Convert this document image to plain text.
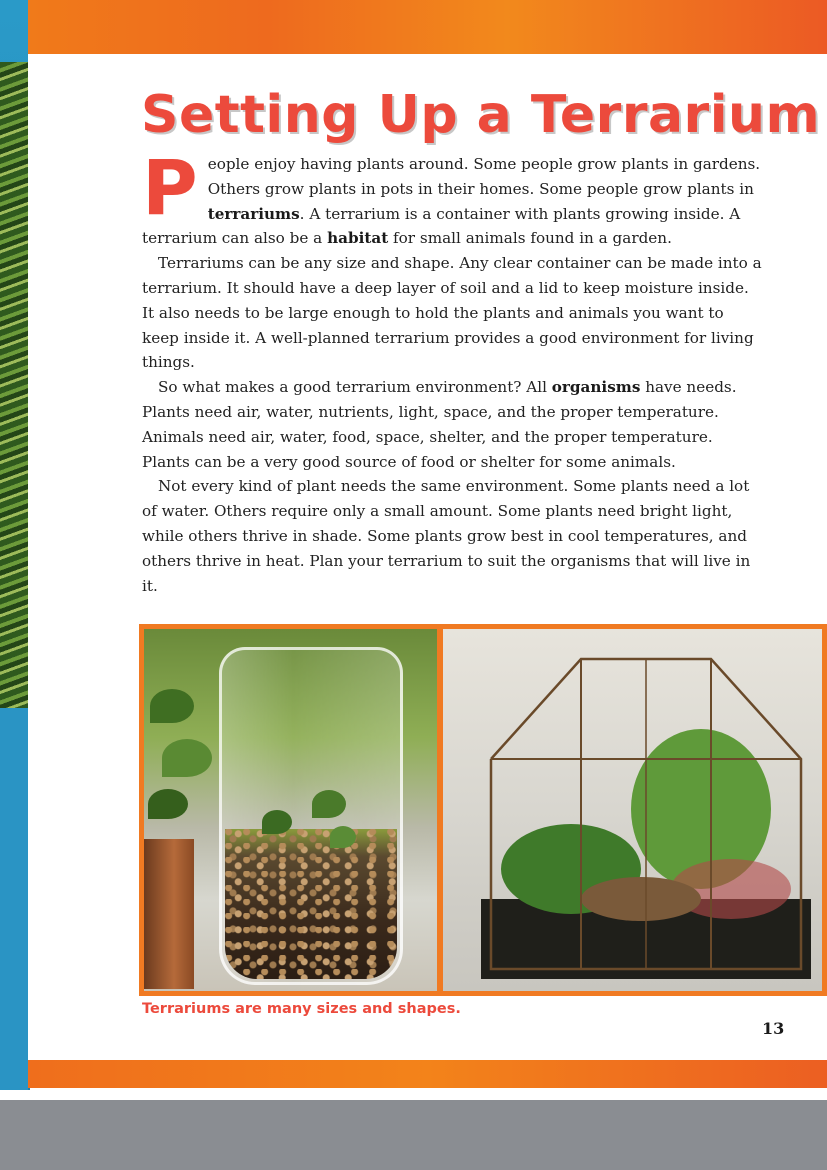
Setting Up a Terrarium

People enjoy having plants around. Some people grow plants in gardens. Others grow plants in pots in their homes. Some people grow plants in terrariums. A terrarium is a container with plants growing inside. A terrarium can also be a habitat for small animals found in a garden.

Terrariums can be any size and shape. Any clear container can be made into a terrarium. It should have a deep layer of soil and a lid to keep moisture inside. It also needs to be large enough to hold the plants and animals you want to keep inside it. A well-planned terrarium provides a good environment for living things.

So what makes a good terrarium environment? All organisms have needs. Plants need air, water, nutrients, light, space, and the proper temperature. Animals need air, water, food, space, shelter, and the proper temperature. Plants can be a very good source of food or shelter for some animals.

Not every kind of plant needs the same environment. Some plants need a lot of water. Others require only a small amount. Some plants need bright light, while others thrive in shade. Some plants grow best in cool temperatures, and others thrive in heat. Plan your terrarium to suit the organisms that will live in it.

Terrariums are many sizes and shapes.

13
